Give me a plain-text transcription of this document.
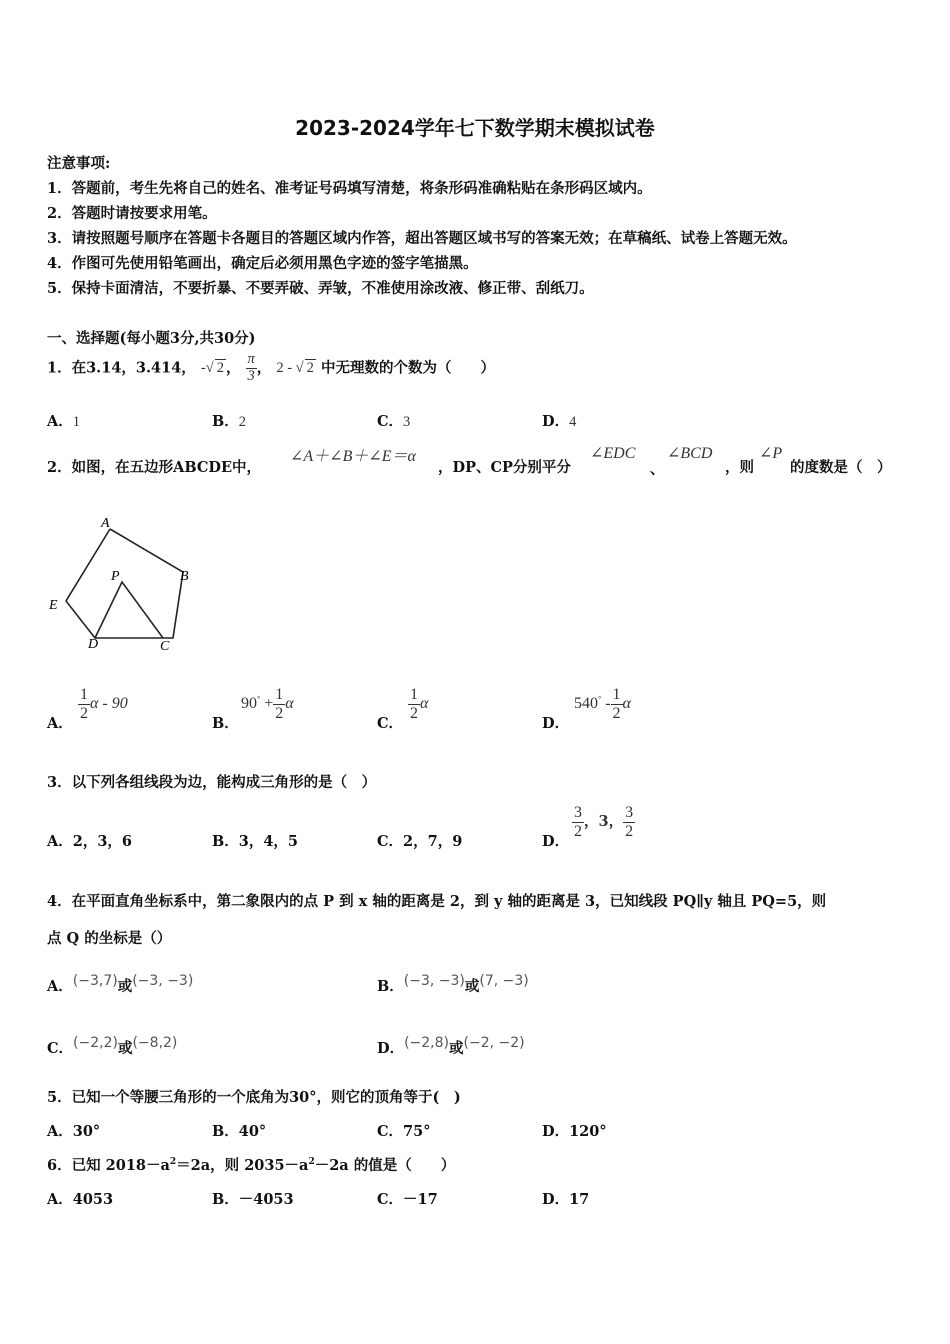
2023-2024学年七下数学期末模拟试卷
注意事项:
1．答题前，考生先将自己的姓名、准考证号码填写清楚，将条形码准确粘贴在条形码区域内。
2．答题时请按要求用笔。
3．请按照题号顺序在答题卡各题目的答题区域内作答，超出答题区域书写的答案无效；在草稿纸、试卷上答题无效。
4．作图可先使用铅笔画出，确定后必须用黑色字迹的签字笔描黑。
5．保持卡面清洁，不要折暴、不要弄破、弄皱，不准使用涂改液、修正带、刮纸刀。
一、选择题(每小题3分,共30分)
1．在3.14，3.414， -√ 2 ， $\frac{\pi}{3}$ ， 2 - √ 2 中无理数的个数为（　　）
A．1	B．2	C．3	D．4
2．如图，在五边形ABCDE中，
∠A＋∠B＋∠E＝α
，DP、CP分别平分
∠EDC
、
∠BCD
，则
∠P
的度数是（　）
A
B
C
D
E
P
A．
$\frac{1}{2}$ α - 90
B．
$90^\circ + \frac{1}{2}$ α
C．
$\frac{1}{2}$ α
D．
$540^\circ - \frac{1}{2}$ α
3．以下列各组线段为边，能构成三角形的是（　）
A．2，3，6	B．3，4，5	C．2，7，9	D．
$\frac{3}{2}$ ，3， $\frac{3}{2}$
4．在平面直角坐标系中，第二象限内的点 P 到 x 轴的距离是 2，到 y 轴的距离是 3，已知线段 PQ∥y 轴且 PQ=5，则
点 Q 的坐标是（）
A．(−3,7)或(−3, −3)	B．(−3, −3)或(7, −3)
C．(−2,2)或(−8,2)	D．(−2,8)或(−2, −2)
5．已知一个等腰三角形的一个底角为30°，则它的顶角等于(　)
A．30°	B．40°	C．75°	D．120°
6．已知 $2018-a^2=2a$，则 $2035-a^2-2a$ 的值是（　　）
A．4053	B．－4053	C．－17	D．17
